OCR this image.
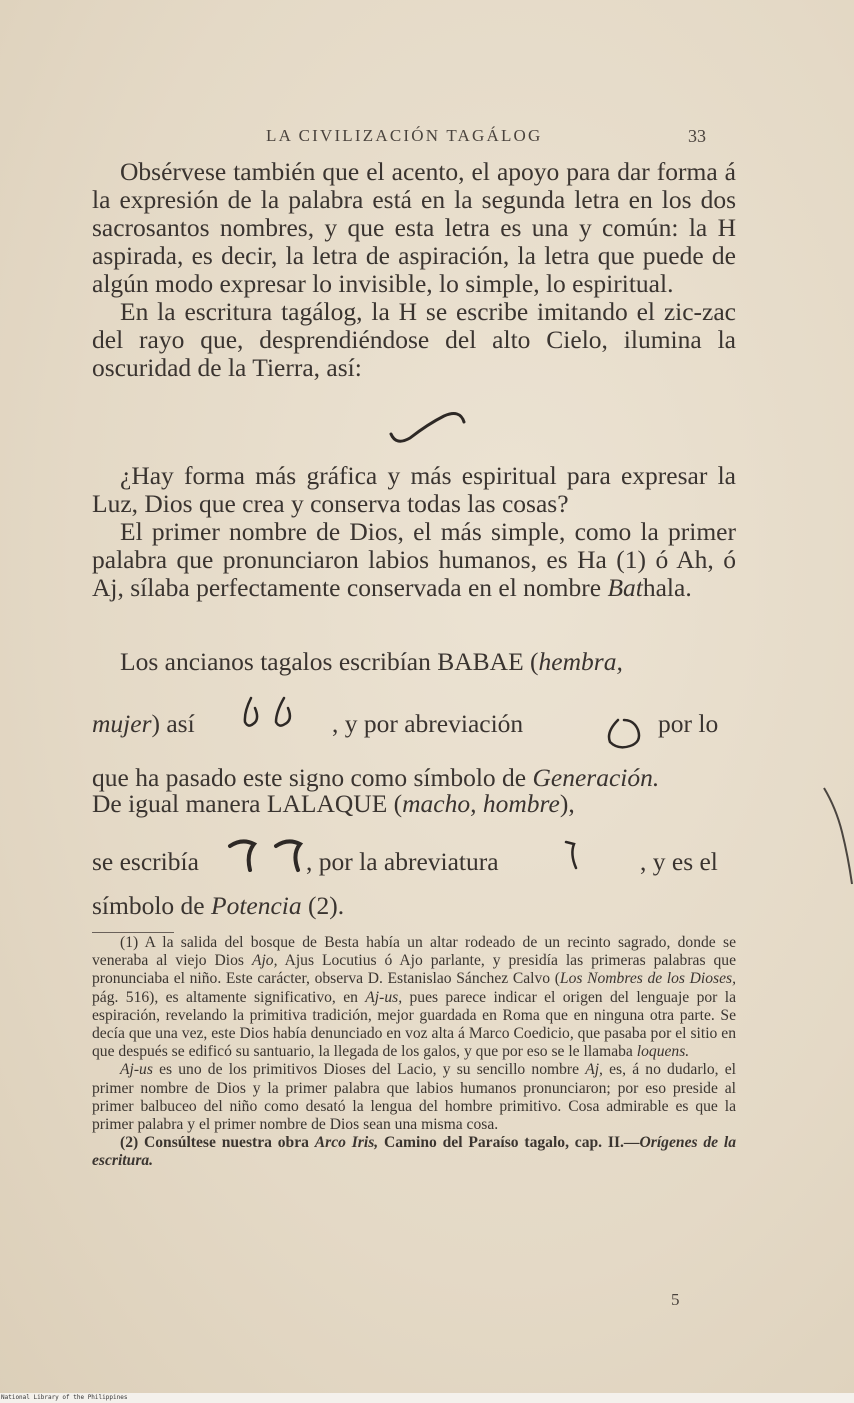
LA CIVILIZACIÓN TAGÁLOG	33

Obsérvese también que el acento, el apoyo para dar forma á la expresión de la palabra está en la segunda letra en los dos sacrosantos nombres, y que esta letra es una y común: la H aspirada, es decir, la letra de aspiración, la letra que puede de algún modo expresar lo invisible, lo simple, lo espiritual.

En la escritura tagálog, la H se escribe imitando el zic-zac del rayo que, desprendiéndose del alto Cielo, ilumina la oscuridad de la Tierra, así:

¿Hay forma más gráfica y más espiritual para expresar la Luz, Dios que crea y conserva todas las cosas?

El primer nombre de Dios, el más simple, como la primer palabra que pronunciaron labios humanos, es Ha (1) ó Ah, ó Aj, sílaba perfectamente conservada en el nombre Bathala.

Los ancianos tagalos escribían BABAE (hembra,
mujer) así	, y por abreviación	por lo
que ha pasado este signo como símbolo de Generación.
De igual manera LALAQUE (macho, hombre),
se escribía	, por la abreviatura	, y es el
símbolo de Potencia (2).

(1) A la salida del bosque de Besta había un altar rodeado de un recinto sagrado, donde se veneraba al viejo Dios Ajo, Ajus Locutius ó Ajo parlante, y presidía las primeras palabras que pronunciaba el niño. Este carácter, observa D. Estanislao Sánchez Calvo (Los Nombres de los Dioses, pág. 516), es altamente significativo, en Aj-us, pues parece indicar el origen del lenguaje por la espiración, revelando la primitiva tradición, mejor guardada en Roma que en ninguna otra parte. Se decía que una vez, este Dios había denunciado en voz alta á Marco Coedicio, que pasaba por el sitio en que después se edificó su santuario, la llegada de los galos, y que por eso se le llamaba loquens.

Aj-us es uno de los primitivos Dioses del Lacio, y su sencillo nombre Aj, es, á no dudarlo, el primer nombre de Dios y la primer palabra que labios humanos pronunciaron; por eso preside al primer balbuceo del niño como desató la lengua del hombre primitivo. Cosa admirable es que la primer palabra y el primer nombre de Dios sean una misma cosa.

(2) Consúltese nuestra obra Arco Iris, Camino del Paraíso tagalo, cap. II.—Orígenes de la escritura.

5
National Library of the Philippines
